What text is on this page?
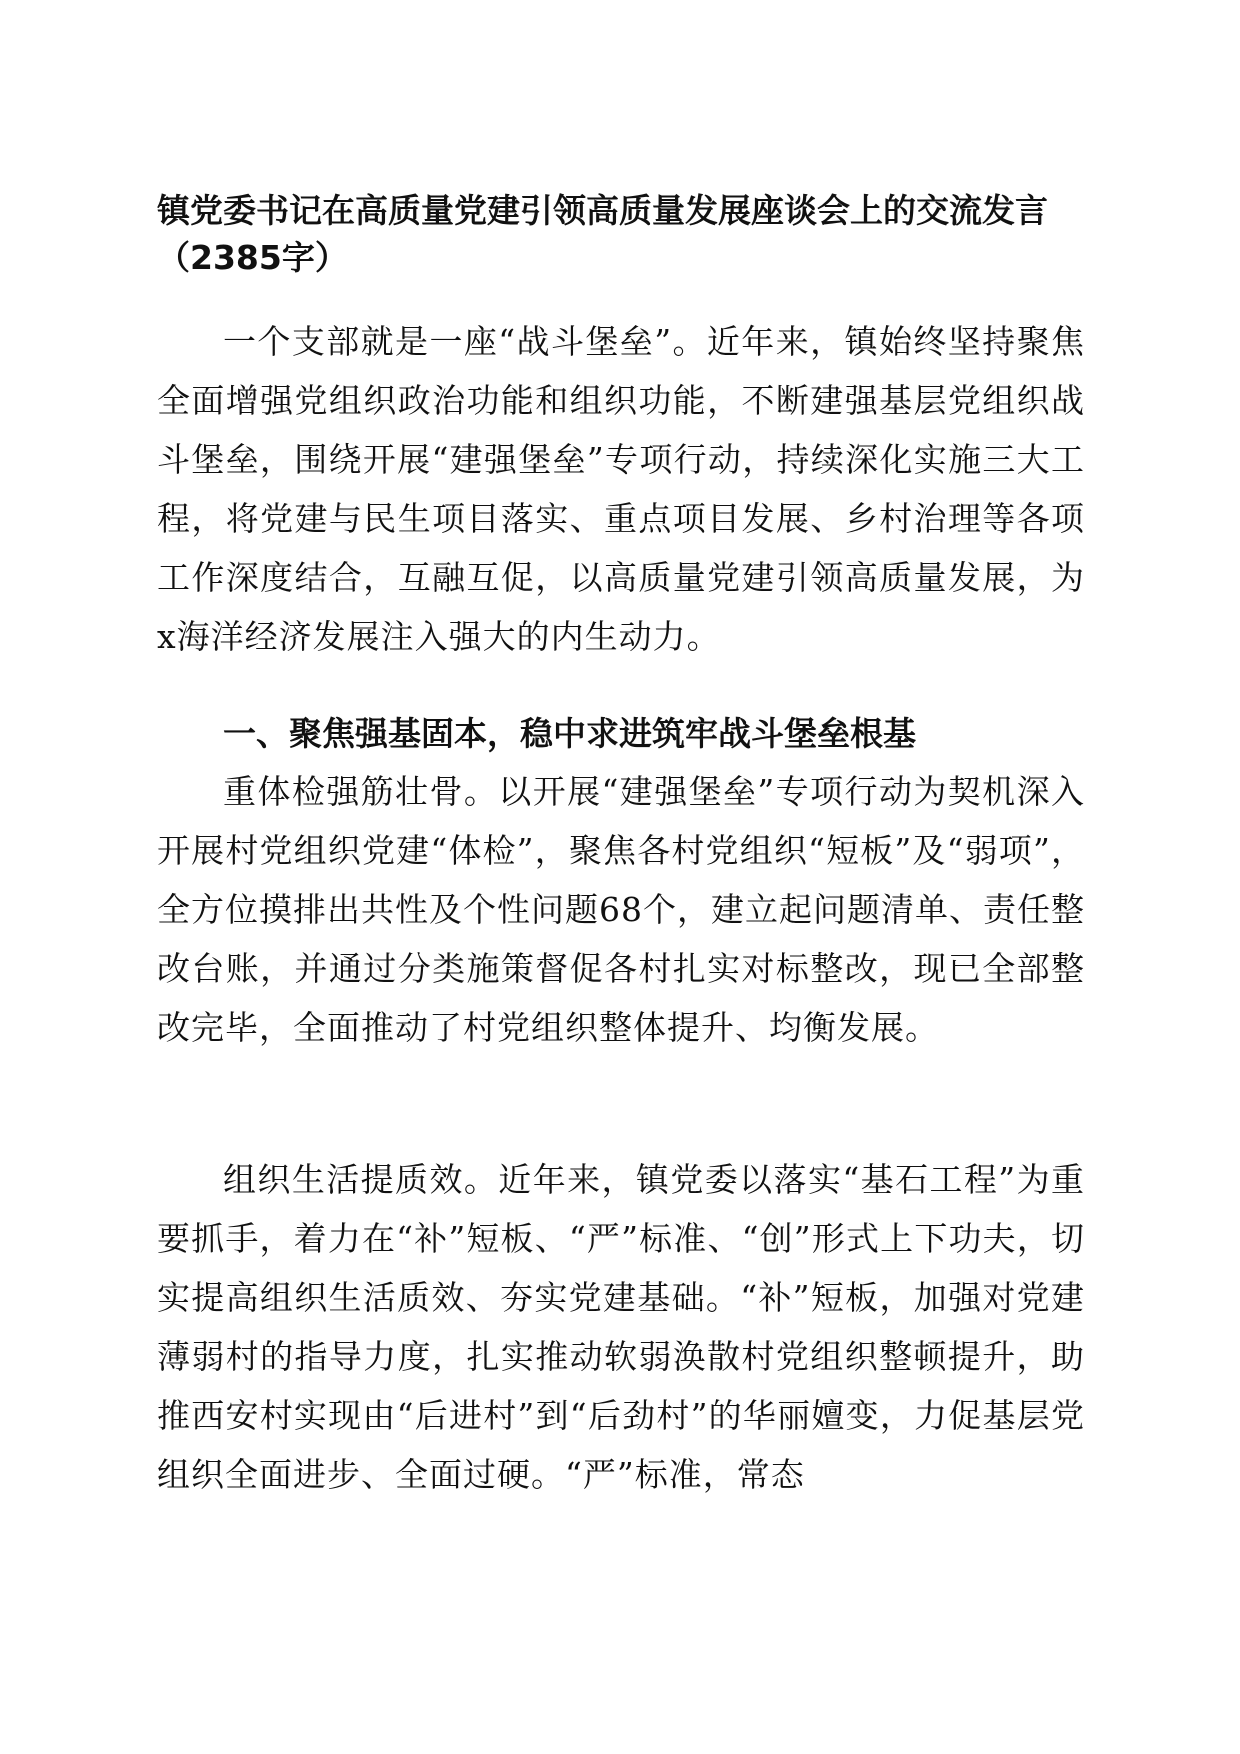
镇党委书记在高质量党建引领高质量发展座谈会上的交流发言（2385字）

一个支部就是一座“战斗堡垒”。近年来，镇始终坚持聚焦全面增强党组织政治功能和组织功能，不断建强基层党组织战斗堡垒，围绕开展“建强堡垒”专项行动，持续深化实施三大工程，将党建与民生项目落实、重点项目发展、乡村治理等各项工作深度结合，互融互促，以高质量党建引领高质量发展，为x海洋经济发展注入强大的内生动力。

一、聚焦强基固本，稳中求进筑牢战斗堡垒根基

重体检强筋壮骨。以开展“建强堡垒”专项行动为契机深入开展村党组织党建“体检”，聚焦各村党组织“短板”及“弱项”，全方位摸排出共性及个性问题68个，建立起问题清单、责任整改台账，并通过分类施策督促各村扎实对标整改，现已全部整改完毕，全面推动了村党组织整体提升、均衡发展。

组织生活提质效。近年来，镇党委以落实“基石工程”为重要抓手，着力在“补”短板、“严”标准、“创”形式上下功夫，切实提高组织生活质效、夯实党建基础。“补”短板，加强对党建薄弱村的指导力度，扎实推动软弱涣散村党组织整顿提升，助推西安村实现由“后进村”到“后劲村”的华丽嬗变，力促基层党组织全面进步、全面过硬。“严”标准，常态
